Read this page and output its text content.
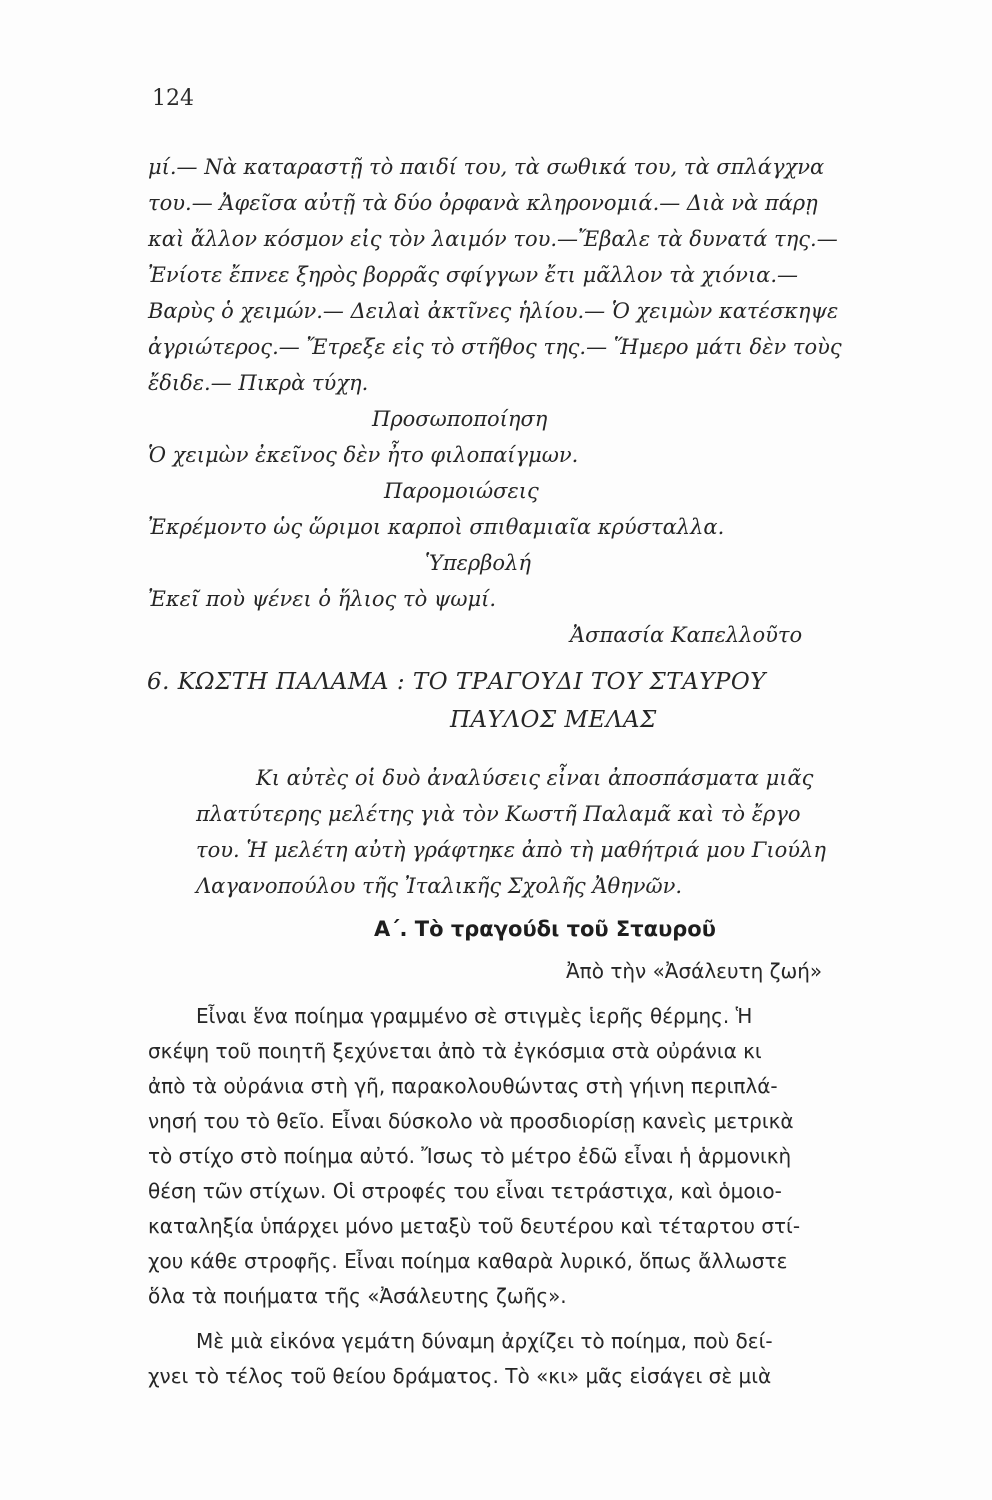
124
μί.— Νὰ καταραστῇ τὸ παιδί του, τὰ σωθικά του, τὰ σπλάγχνα
του.— Ἀφεῖσα αὐτῇ τὰ δύο ὀρφανὰ κληρονομιά.— Διὰ νὰ πάρῃ
καὶ ἄλλον κόσμον εἰς τὸν λαιμόν του.—Ἔβαλε τὰ δυνατά της.—
Ἐνίοτε ἔπνεε ξηρὸς βορρᾶς σφίγγων ἔτι μᾶλλον τὰ χιόνια.—
Βαρὺς ὁ χειμών.— Δειλαὶ ἀκτῖνες ἡλίου.— Ὁ χειμὼν κατέσκηψε
ἀγριώτερος.— Ἔτρεξε εἰς τὸ στῆθος της.— Ἥμερο μάτι δὲν τοὺς
ἔδιδε.— Πικρὰ τύχη.
Προσωποποίηση
Ὁ χειμὼν ἐκεῖνος δὲν ἦτο φιλοπαίγμων.
Παρομοιώσεις
Ἐκρέμοντο ὡς ὥριμοι καρποὶ σπιθαμιαῖα κρύσταλλα.
Ὑπερβολή
Ἐκεῖ ποὺ ψένει ὁ ἥλιος τὸ ψωμί.
Ἀσπασία Καπελλοῦτο
6. ΚΩΣΤΗ ΠΑΛΑΜΑ : ΤΟ ΤΡΑΓΟΥΔΙ ΤΟΥ ΣΤΑΥΡΟΥ
ΠΑΥΛΟΣ ΜΕΛΑΣ
Κι αὐτὲς οἱ δυὸ ἀναλύσεις εἶναι ἀποσπάσματα μιᾶς
πλατύτερης μελέτης γιὰ τὸν Κωστῆ Παλαμᾶ καὶ τὸ ἔργο
του. Ἡ μελέτη αὐτὴ γράφτηκε ἀπὸ τὴ μαθήτριά μου Γιούλη
Λαγανοπούλου τῆς Ἰταλικῆς Σχολῆς Ἀθηνῶν.
Α΄. Τὸ τραγούδι τοῦ Σταυροῦ
Ἀπὸ τὴν «Ἀσάλευτη ζωή»
Εἶναι ἕνα ποίημα γραμμένο σὲ στιγμὲς ἱερῆς θέρμης. Ἡ
σκέψη τοῦ ποιητῆ ξεχύνεται ἀπὸ τὰ ἐγκόσμια στὰ οὐράνια κι
ἀπὸ τὰ οὐράνια στὴ γῆ, παρακολουθώντας στὴ γήινη περιπλά-
νησή του τὸ θεῖο. Εἶναι δύσκολο νὰ προσδιορίσῃ κανεὶς μετρικὰ
τὸ στίχο στὸ ποίημα αὐτό. Ἴσως τὸ μέτρο ἐδῶ εἶναι ἡ ἁρμονικὴ
θέση τῶν στίχων. Οἱ στροφές του εἶναι τετράστιχα, καὶ ὁμοιο-
καταληξία ὑπάρχει μόνο μεταξὺ τοῦ δευτέρου καὶ τέταρτου στί-
χου κάθε στροφῆς. Εἶναι ποίημα καθαρὰ λυρικό, ὅπως ἄλλωστε
ὅλα τὰ ποιήματα τῆς «Ἀσάλευτης ζωῆς».
Μὲ μιὰ εἰκόνα γεμάτη δύναμη ἀρχίζει τὸ ποίημα, ποὺ δεί-
χνει τὸ τέλος τοῦ θείου δράματος. Τὸ «κι» μᾶς εἰσάγει σὲ μιὰ
